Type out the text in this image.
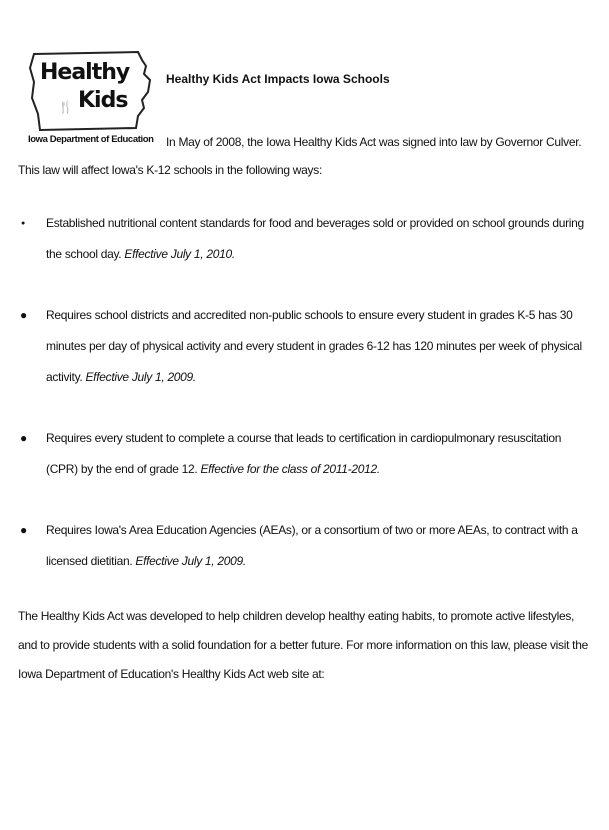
Healthy
🍴 Kids
Iowa Department of Education
Healthy Kids Act Impacts Iowa Schools
In May of 2008, the Iowa Healthy Kids Act was signed into law by Governor Culver. This law will affect Iowa's K-12 schools in the following ways:
● Established nutritional content standards for food and beverages sold or provided on school grounds during the school day. Effective July 1, 2010.
● Requires school districts and accredited non-public schools to ensure every student in grades K-5 has 30 minutes per day of physical activity and every student in grades 6-12 has 120 minutes per week of physical activity. Effective July 1, 2009.
● Requires every student to complete a course that leads to certification in cardiopulmonary resuscitation (CPR) by the end of grade 12. Effective for the class of 2011-2012.
● Requires Iowa's Area Education Agencies (AEAs), or a consortium of two or more AEAs, to contract with a licensed dietitian. Effective July 1, 2009.
The Healthy Kids Act was developed to help children develop healthy eating habits, to promote active lifestyles, and to provide students with a solid foundation for a better future. For more information on this law, please visit the Iowa Department of Education's Healthy Kids Act web site at:
